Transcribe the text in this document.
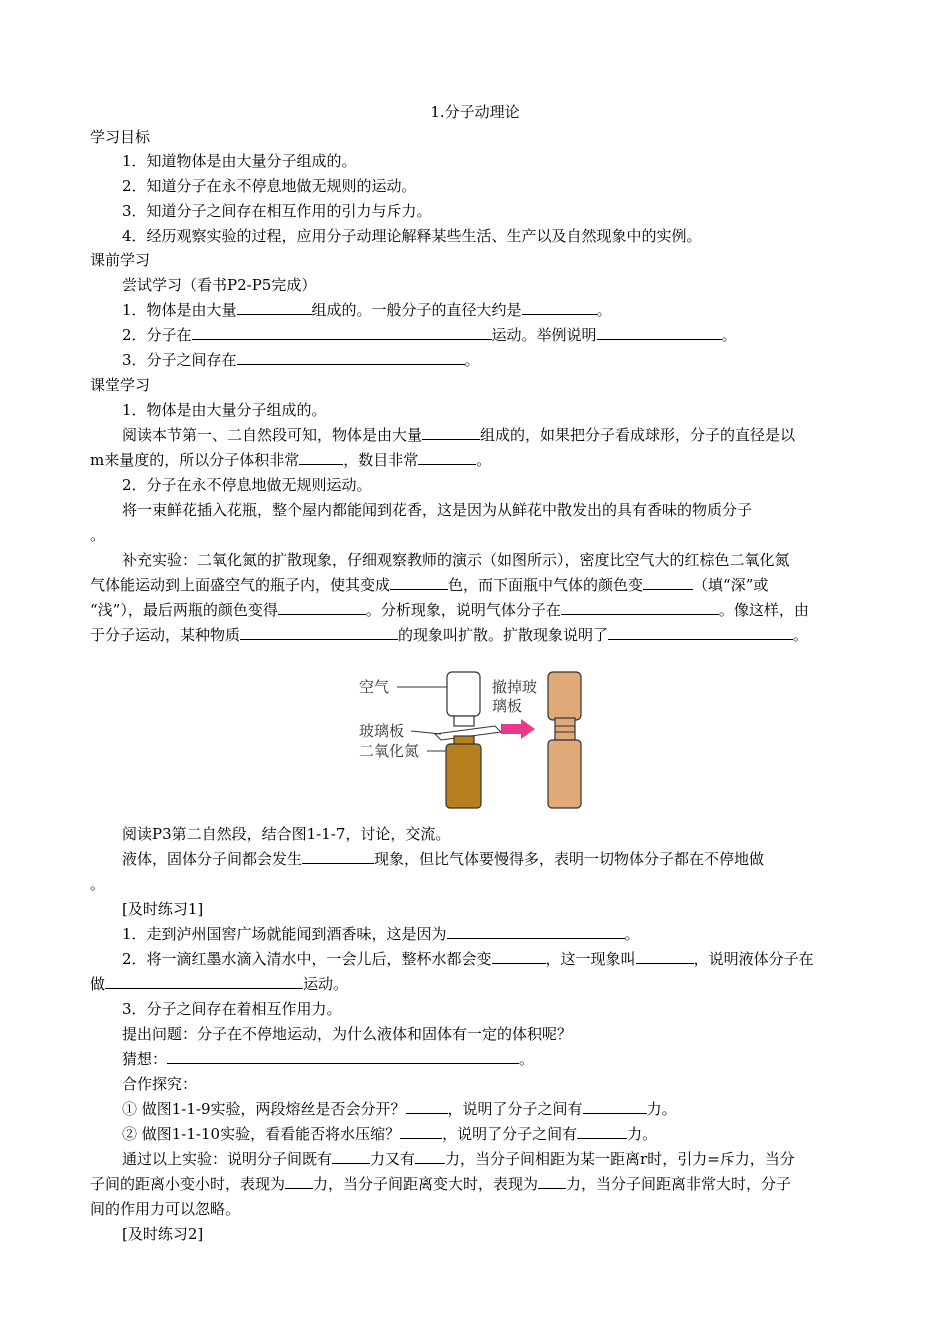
1.分子动理论
学习目标
1．知道物体是由大量分子组成的。
2．知道分子在永不停息地做无规则的运动。
3．知道分子之间存在相互作用的引力与斥力。
4．经历观察实验的过程，应用分子动理论解释某些生活、生产以及自然现象中的实例。
课前学习
尝试学习（看书P2-P5完成）
1．物体是由大量	组成的。一般分子的直径大约是	。
2．分子在	运动。举例说明	。
3．分子之间存在	。
课堂学习
1．物体是由大量分子组成的。
阅读本节第一、二自然段可知，物体是由大量	组成的，如果把分子看成球形，分子的直径是以
m来量度的，所以分子体积非常	，数目非常	。
2．分子在永不停息地做无规则运动。
将一束鲜花插入花瓶，整个屋内都能闻到花香，这是因为从鲜花中散发出的具有香味的物质分子
。
补充实验：二氧化氮的扩散现象，仔细观察教师的演示（如图所示），密度比空气大的红棕色二氧化氮
气体能运动到上面盛空气的瓶子内，使其变成	色，而下面瓶中气体的颜色变	（填“深”或
“浅”），最后两瓶的颜色变得	。分析现象，说明气体分子在	。像这样，由
于分子运动，某种物质	的现象叫扩散。扩散现象说明了	。
空气
玻璃板
二氧化氮
撤掉玻
璃板
阅读P3第二自然段，结合图1-1-7，讨论，交流。
液体，固体分子间都会发生	现象，但比气体要慢得多，表明一切物体分子都在不停地做
。
[及时练习1]
1．走到泸州国窖广场就能闻到酒香味，这是因为	。
2．将一滴红墨水滴入清水中，一会儿后，整杯水都会变	，这一现象叫	，说明液体分子在
做	运动。
3．分子之间存在着相互作用力。
提出问题：分子在不停地运动，为什么液体和固体有一定的体积呢？
猜想：	。
合作探究：
① 做图1-1-9实验，两段熔丝是否会分开？	，说明了分子之间有	力。
② 做图1-1-10实验，看看能否将水压缩？	，说明了分子之间有	力。
通过以上实验：说明分子间既有	力又有 力，当分子间相距为某一距离r时，引力=斥力，当分
子间的距离小变小时，表现为 力，当分子间距离变大时，表现为 力，当分子间距离非常大时，分子
间的作用力可以忽略。
[及时练习2]
